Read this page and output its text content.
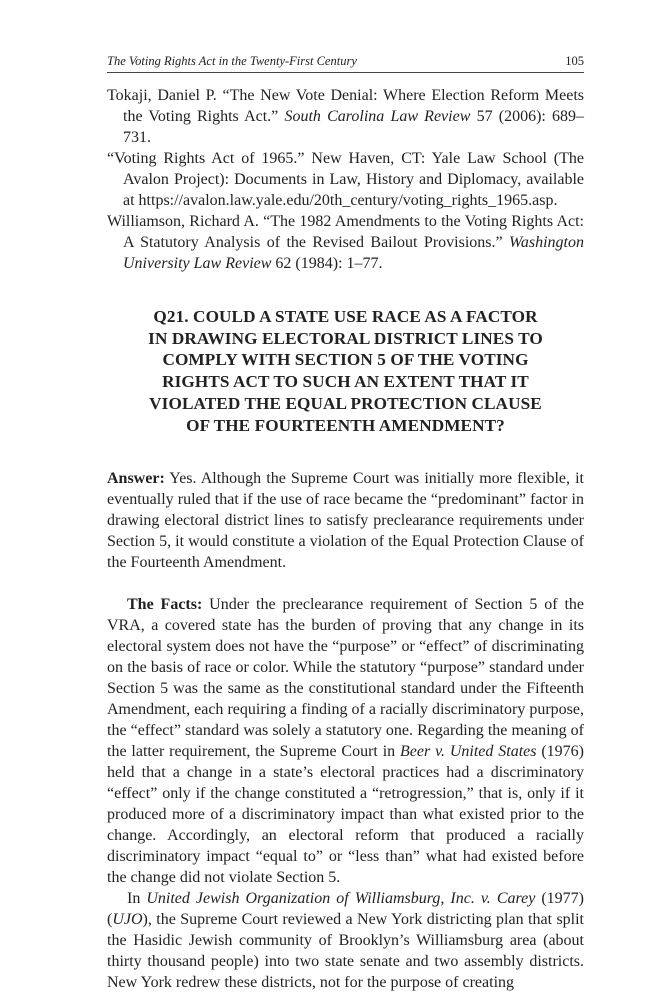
The Voting Rights Act in the Twenty-First Century	105

Tokaji, Daniel P. “The New Vote Denial: Where Election Reform Meets the Voting Rights Act.” South Carolina Law Review 57 (2006): 689–731.

“Voting Rights Act of 1965.” New Haven, CT: Yale Law School (The Avalon Project): Documents in Law, History and Diplomacy, available at https://avalon.law.yale.edu/20th_century/voting_rights_1965.asp.

Williamson, Richard A. “The 1982 Amendments to the Voting Rights Act: A Statutory Analysis of the Revised Bailout Provisions.” Washington University Law Review 62 (1984): 1–77.

Q21. COULD A STATE USE RACE AS A FACTOR
IN DRAWING ELECTORAL DISTRICT LINES TO
COMPLY WITH SECTION 5 OF THE VOTING
RIGHTS ACT TO SUCH AN EXTENT THAT IT
VIOLATED THE EQUAL PROTECTION CLAUSE
OF THE FOURTEENTH AMENDMENT?

Answer: Yes. Although the Supreme Court was initially more flexible, it eventually ruled that if the use of race became the “predominant” factor in drawing electoral district lines to satisfy preclearance requirements under Section 5, it would constitute a violation of the Equal Protection Clause of the Fourteenth Amendment.

The Facts: Under the preclearance requirement of Section 5 of the VRA, a covered state has the burden of proving that any change in its electoral system does not have the “purpose” or “effect” of discriminating on the basis of race or color. While the statutory “purpose” standard under Section 5 was the same as the constitutional standard under the Fifteenth Amendment, each requiring a finding of a racially discriminatory purpose, the “effect” standard was solely a statutory one. Regarding the meaning of the latter requirement, the Supreme Court in Beer v. United States (1976) held that a change in a state’s electoral practices had a discriminatory “effect” only if the change constituted a “retrogression,” that is, only if it produced more of a discriminatory impact than what existed prior to the change. Accordingly, an electoral reform that produced a racially discriminatory impact “equal to” or “less than” what had existed before the change did not violate Section 5.

In United Jewish Organization of Williamsburg, Inc. v. Carey (1977) (UJO), the Supreme Court reviewed a New York districting plan that split the Hasidic Jewish community of Brooklyn’s Williamsburg area (about thirty thousand people) into two state senate and two assembly districts. New York redrew these districts, not for the purpose of creating
